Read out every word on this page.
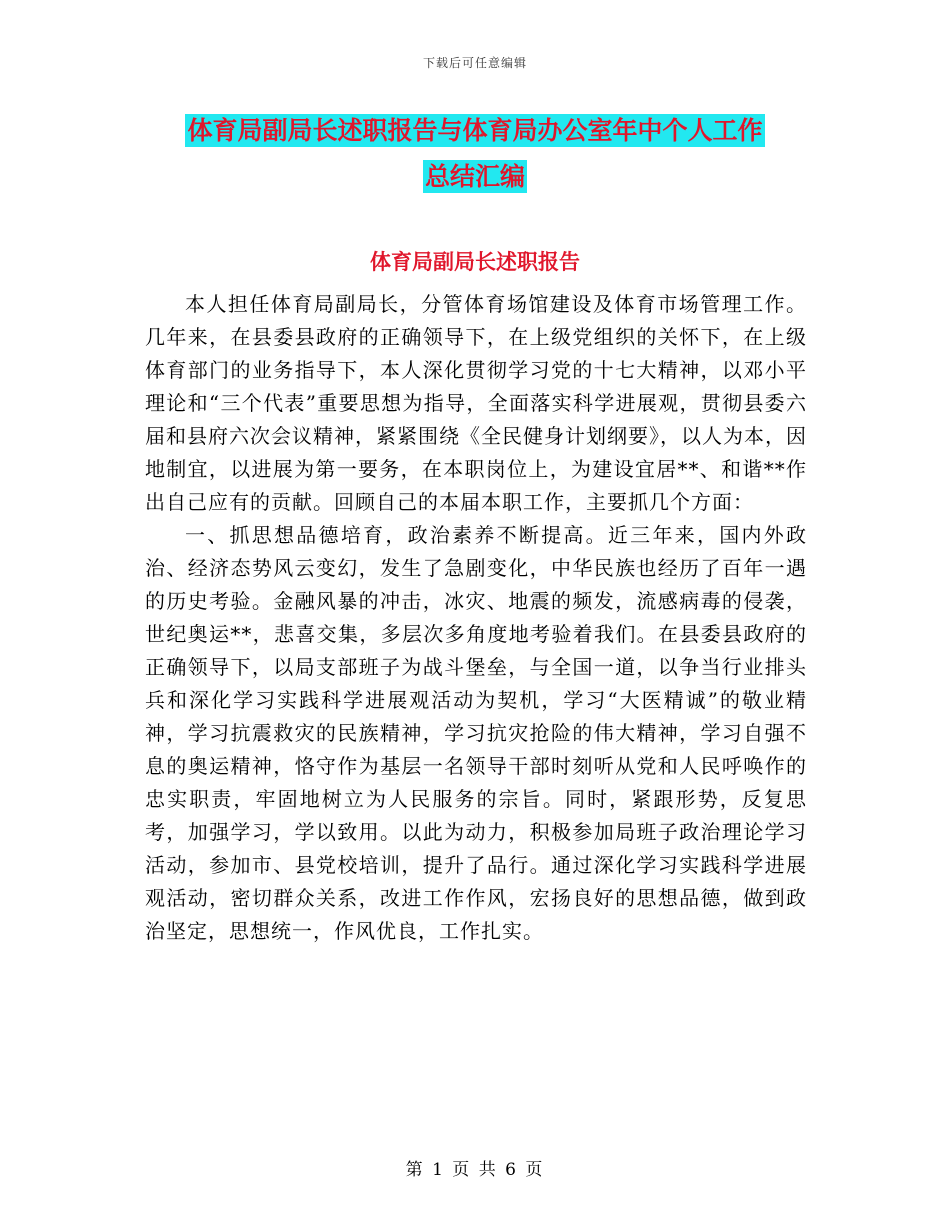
下载后可任意编辑
体育局副局长述职报告与体育局办公室年中个人工作
总结汇编
体育局副局长述职报告

本人担任体育局副局长，分管体育场馆建设及体育市场管理工作。几年来，在县委县政府的正确领导下，在上级党组织的关怀下，在上级体育部门的业务指导下，本人深化贯彻学习党的十七大精神，以邓小平理论和“三个代表”重要思想为指导，全面落实科学进展观，贯彻县委六届和县府六次会议精神，紧紧围绕《全民健身计划纲要》，以人为本，因地制宜，以进展为第一要务，在本职岗位上，为建设宜居**、和谐**作出自己应有的贡献。回顾自己的本届本职工作，主要抓几个方面：

一、抓思想品德培育，政治素养不断提高。近三年来，国内外政治、经济态势风云变幻，发生了急剧变化，中华民族也经历了百年一遇的历史考验。金融风暴的冲击，冰灾、地震的频发，流感病毒的侵袭，世纪奥运**，悲喜交集，多层次多角度地考验着我们。在县委县政府的正确领导下，以局支部班子为战斗堡垒，与全国一道，以争当行业排头兵和深化学习实践科学进展观活动为契机，学习“大医精诚”的敬业精神，学习抗震救灾的民族精神，学习抗灾抢险的伟大精神，学习自强不息的奥运精神，恪守作为基层一名领导干部时刻听从党和人民呼唤作的忠实职责，牢固地树立为人民服务的宗旨。同时，紧跟形势，反复思考，加强学习，学以致用。以此为动力，积极参加局班子政治理论学习活动，参加市、县党校培训，提升了品行。通过深化学习实践科学进展观活动，密切群众关系，改进工作作风，宏扬良好的思想品德，做到政治坚定，思想统一，作风优良，工作扎实。

第 1 页 共 6 页
